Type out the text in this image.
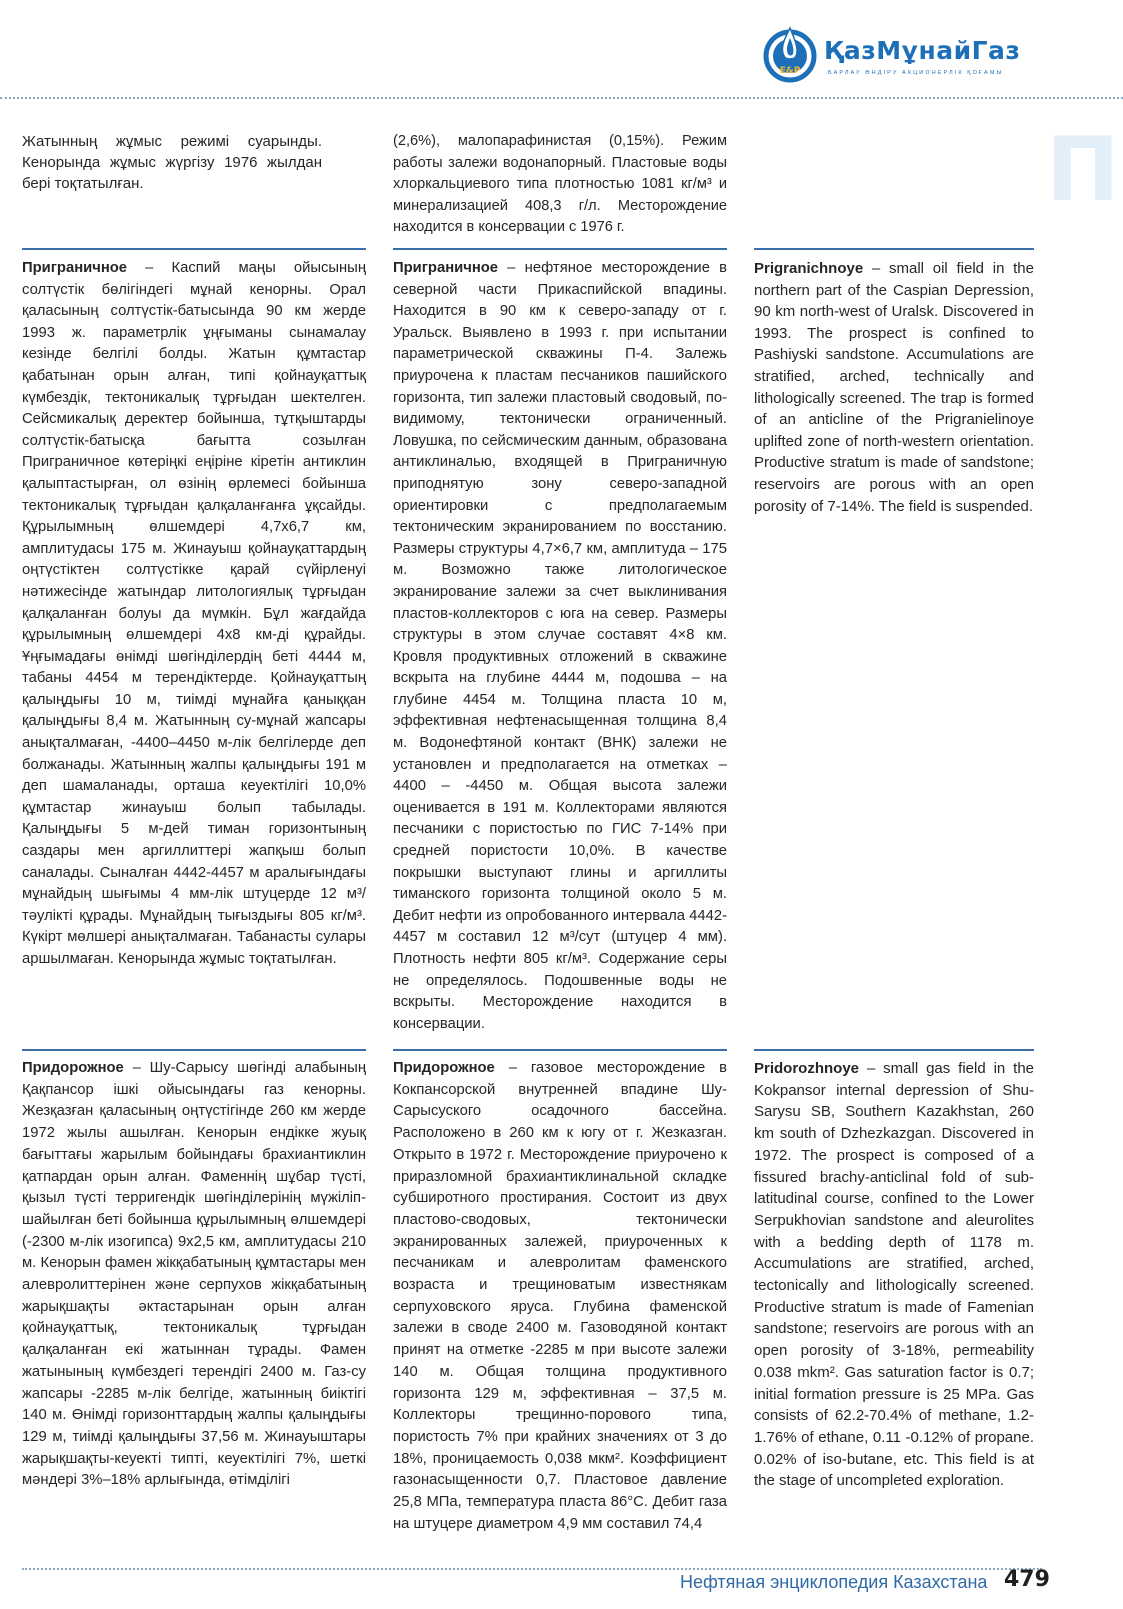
Е&Р
ҚазМұнайГаз
БАРЛАУ ӨНДІРУ АКЦИОНЕРЛІК ҚОҒАМЫ
П

Жатынның жұмыс режимі суарынды. Кенорында жұмыс жүргізу 1976 жылдан бері тоқтатылған.

(2,6%), малопарафинистая (0,15%). Режим работы залежи водонапорный. Пластовые воды хлоркальциевого типа плотностью 1081 кг/м³ и минерализацией 408,3 г/л. Месторождение находится в консервации с 1976 г.

Пригpаничное – Каспий маңы ойысының солтүстік бөлігіндегі мұнай кенорны. Орал қаласының солтүстік-батысында 90 км жерде 1993 ж. параметрлік ұңғыманы сынамалау кезінде белгілі болды. Жатын құмтастар қабатынан орын алған, типі қойнауқаттық күмбездік, тектоникалық тұрғыдан шектелген. Сейсмикалық деректер бойынша, тұтқыштарды солтүстік-батысқа бағытта созылған Приграничное көтеріңкі еңіріне кіретін антиклин қалыптастырған, ол өзінің өрлемесі бойынша тектоникалық тұрғыдан қалқаланғанға ұқсайды. Құрылымның өлшемдері 4,7х6,7 км, амплитудасы 175 м. Жинауыш қойнауқаттардың оңтүстіктен солтүстікке қарай сүйірленуі нәтижесінде жатындар литологиялық тұрғыдан қалқаланған болуы да мүмкін. Бұл жағдайда құрылымның өлшемдері 4х8 км-ді құрайды. Ұңғымадағы өнімді шөгінділердің беті 4444 м, табаны 4454 м терендіктерде. Қойнауқаттың қалыңдығы 10 м, тиімді мұнайға қаныққан қалыңдығы 8,4 м. Жатынның су-мұнай жапсары анықталмаған, -4400–4450 м-лік белгілерде деп болжанады. Жатынның жалпы қалыңдығы 191 м деп шамаланады, орташа кеуектілігі 10,0% құмтастар жинауыш болып табылады. Қалыңдығы 5 м-дей тиман горизонтының саздары мен аргиллиттері жапқыш болып саналады. Сыналған 4442-4457 м аралығындағы мұнайдың шығымы 4 мм-лік штуцерде 12 м³/тәулікті құрады. Мұнайдың тығыздығы 805 кг/м³. Күкірт мөлшері анықталмаған. Табанасты сулары аршылмаған. Кенорында жұмыс тоқтатылған.

Пригpаничное – нефтяное месторождение в северной части Прикаспийской впадины. Находится в 90 км к северо-западу от г. Уральск. Выявлено в 1993 г. при испытании параметрической скважины П-4. Залежь приурочена к пластам песчаников пашийского горизонта, тип залежи пластовый сводовый, по-видимому, тектонически ограниченный. Ловушка, по сейсмическим данным, образована антиклиналью, входящей в Приграничную приподнятую зону северо-западной ориентировки с предполагаемым тектоническим экранированием по восстанию. Размеры структуры 4,7×6,7 км, амплитуда – 175 м. Возможно также литологическое экранирование залежи за счет выклинивания пластов-коллекторов с юга на север. Размеры структуры в этом случае составят 4×8 км. Кровля продуктивных отложений в скважине вскрыта на глубине 4444 м, подошва – на глубине 4454 м. Толщина пласта 10 м, эффективная нефтенасыщенная толщина 8,4 м. Водонефтяной контакт (ВНК) залежи не установлен и предполагается на отметках –4400 – -4450 м. Общая высота залежи оценивается в 191 м. Коллекторами являются песчаники с пористостью по ГИС 7-14% при средней пористости 10,0%. В качестве покрышки выступают глины и аргиллиты тиманского горизонта толщиной около 5 м. Дебит нефти из опробованного интервала 4442-4457 м составил 12 м³/сут (штуцер 4 мм). Плотность нефти 805 кг/м³. Содержание серы не определялось. Подошвенные воды не вскрыты. Месторождение находится в консервации.

Prigranichnoye – small oil field in the northern part of the Caspian Depression, 90 km north-west of Uralsk. Discovered in 1993. The prospect is confined to Pashiyski sandstone. Accumulations are stratified, arched, technically and lithologically screened. The trap is formed of an anticline of the Prigranielinoye uplifted zone of north-western orientation. Productive stratum is made of sandstone; reservoirs are porous with an open porosity of 7-14%. The field is suspended.

Придорожное – Шу-Сарысу шөгінді алабының Қақпансор ішкі ойысындағы газ кенорны. Жезқазған қаласының оңтүстігінде 260 км жерде 1972 жылы ашылған. Кенорын ендікке жуық бағыттағы жарылым бойындағы брахиантиклин қатпардан орын алған. Фаменнің шұбар түсті, қызыл түсті терригендік шөгінділерінің мүжіліп-шайылған беті бойынша құрылымның өлшемдері (-2300 м-лік изогипса) 9х2,5 км, амплитудасы 210 м. Кенорын фамен жікқабатының құмтастары мен алевролиттерінен және серпухов жікқабатының жарықшақты әктастарынан орын алған қойнауқаттық, тектоникалық тұрғыдан қалқаланған екі жатыннан тұрады. Фамен жатынының күмбездегі терендігі 2400 м. Газ-су жапсары -2285 м-лік белгіде, жатынның биіктігі 140 м. Өнімді горизонттардың жалпы қалыңдығы 129 м, тиімді қалыңдығы 37,56 м. Жинауыштары жарықшақты-кеуекті типті, кеуектілігі 7%, шеткі мәндері 3%–18% арлығында, өтімділігі

Придорожное – газовое месторождение в Кокпансорской внутренней впадине Шу-Сарысуского осадочного бассейна. Расположено в 260 км к югу от г. Жезказган. Открыто в 1972 г. Месторождение приурочено к приразломной брахиантиклинальной складке субширотного простирания. Состоит из двух пластово-сводовых, тектонически экранированных залежей, приуроченных к песчаникам и алевролитам фаменского возраста и трещиноватым известнякам серпуховского яруса. Глубина фаменской залежи в своде 2400 м. Газоводяной контакт принят на отметке -2285 м при высоте залежи 140 м. Общая толщина продуктивного горизонта 129 м, эффективная – 37,5 м. Коллекторы трещинно-порового типа, пористость 7% при крайних значениях от 3 до 18%, проницаемость 0,038 мкм². Коэффициент газонасыщенности 0,7. Пластовое давление 25,8 МПа, температура пласта 86°С. Дебит газа на штуцере диаметром 4,9 мм составил 74,4

Pridorozhnoye – small gas field in the Kokpansor internal depression of Shu-Sarysu SB, Southern Kazakhstan, 260 km south of Dzhezkazgan. Discovered in 1972. The prospect is composed of a fissured brachy-anticlinal fold of sub-latitudinal course, confined to the Lower Serpukhovian sandstone and aleurolites with a bedding depth of 1178 m. Accumulations are stratified, arched, tectonically and lithologically screened. Productive stratum is made of Famenian sandstone; reservoirs are porous with an open porosity of 3-18%, permeability 0.038 mkm². Gas saturation factor is 0.7; initial formation pressure is 25 MPa. Gas consists of 62.2-70.4% of methane, 1.2-1.76% of ethane, 0.11 -0.12% of propane. 0.02% of iso-butane, etc. This field is at the stage of uncompleted exploration.

Нефтяная энциклопедия Казахстана 479
